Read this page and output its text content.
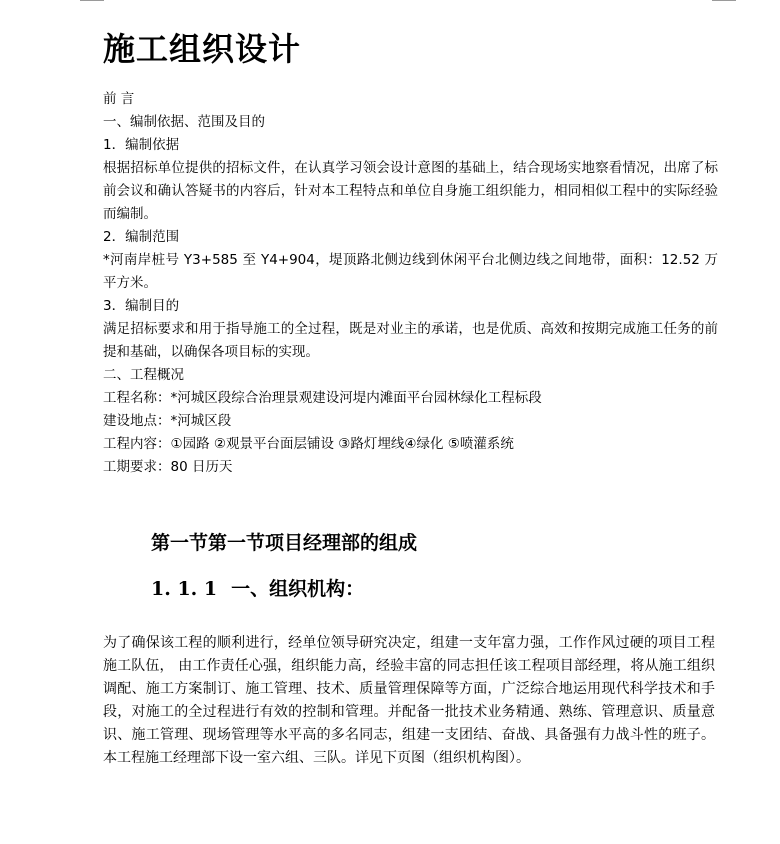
施工组织设计

前 言

一、编制依据、范围及目的

1．编制依据

根据招标单位提供的招标文件，在认真学习领会设计意图的基础上，结合现场实地察看情况，出席了标前会议和确认答疑书的内容后，针对本工程特点和单位自身施工组织能力，相同相似工程中的实际经验而编制。

2．编制范围

*河南岸桩号 Y3+585 至 Y4+904，堤顶路北侧边线到休闲平台北侧边线之间地带，面积：12.52 万平方米。

3．编制目的

满足招标要求和用于指导施工的全过程，既是对业主的承诺，也是优质、高效和按期完成施工任务的前提和基础，以确保各项目标的实现。

二、工程概况

工程名称：*河城区段综合治理景观建设河堤内滩面平台园林绿化工程标段

建设地点：*河城区段

工程内容：①园路 ②观景平台面层铺设 ③路灯埋线④绿化 ⑤喷灌系统

工期要求：80 日历天

第一节第一节项目经理部的组成
1. 1. 1 一、组织机构：

为了确保该工程的顺利进行，经单位领导研究决定，组建一支年富力强，工作作风过硬的项目工程施工队伍， 由工作责任心强，组织能力高，经验丰富的同志担任该工程项目部经理，将从施工组织调配、施工方案制订、施工管理、技术、质量管理保障等方面，广泛综合地运用现代科学技术和手段，对施工的全过程进行有效的控制和管理。并配备一批技术业务精通、熟练、管理意识、质量意识、施工管理、现场管理等水平高的多名同志，组建一支团结、奋战、具备强有力战斗性的班子。本工程施工经理部下设一室六组、三队。详见下页图（组织机构图）。
